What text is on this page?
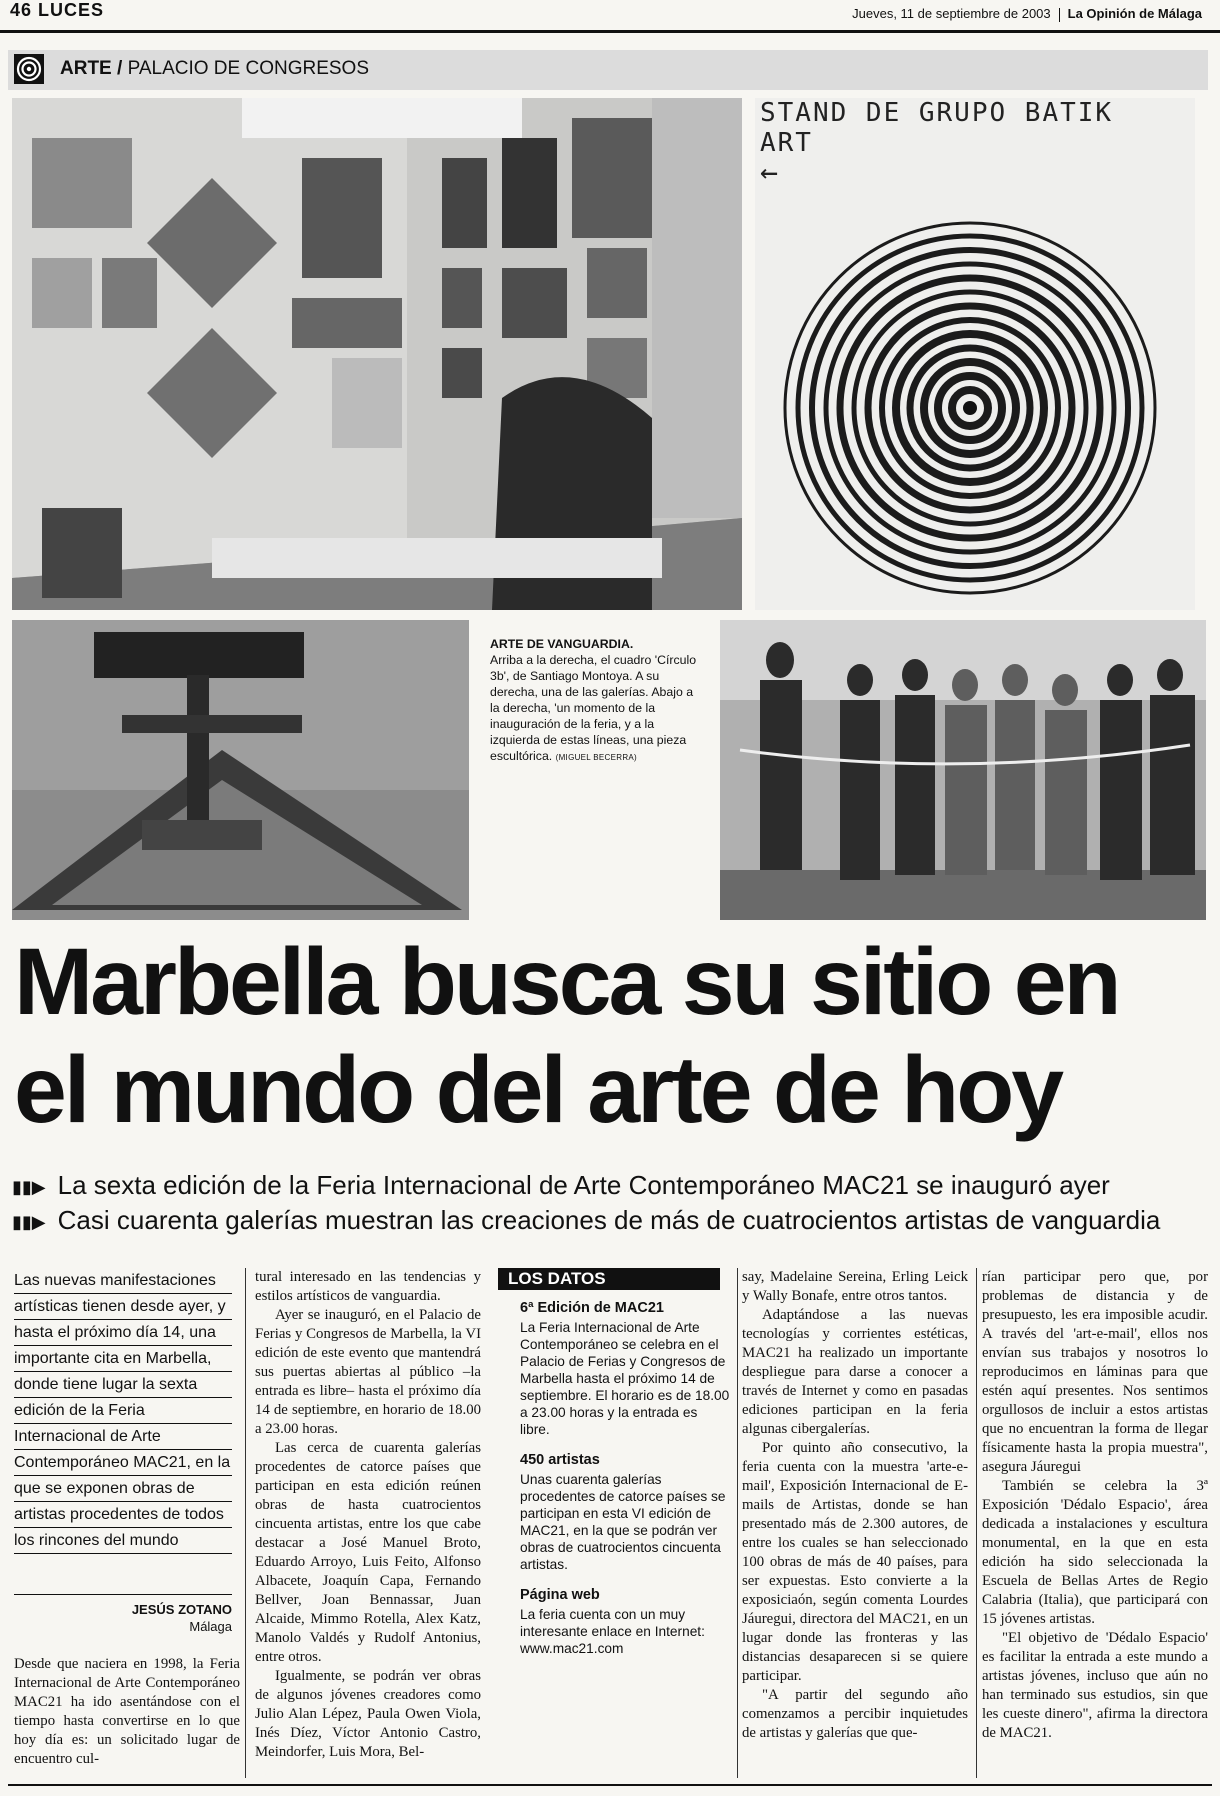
46 LUCES	Jueves, 11 de septiembre de 2003 La Opinión de Málaga
ARTE / PALACIO DE CONGRESOS
STAND DE GRUPO BATIK
ART
←
ARTE DE VANGUARDIA.
Arriba a la derecha, el cuadro 'Círculo 3b', de Santiago Montoya. A su derecha, una de las galerías. Abajo a la derecha, 'un momento de la inauguración de la feria, y a la izquierda de estas líneas, una pieza escultórica. (MIGUEL BECERRA)
Marbella busca su sitio en
el mundo del arte de hoy
▮▮▶ La sexta edición de la Feria Internacional de Arte Contemporáneo MAC21 se inauguró ayer
▮▮▶ Casi cuarenta galerías muestran las creaciones de más de cuatrocientos artistas de vanguardia
Las nuevas manifestaciones artísticas tienen desde ayer, y hasta el próximo día 14, una importante cita en Marbella, donde tiene lugar la sexta edición de la Feria Internacional de Arte Contemporáneo MAC21, en la que se exponen obras de artistas procedentes de todos los rincones del mundo
JESÚS ZOTANO
Málaga

Desde que naciera en 1998, la Feria Internacional de Arte Contemporáneo MAC21 ha ido asentándose con el tiempo hasta convertirse en lo que hoy día es: un solicitado lugar de encuentro cul-

tural interesado en las tendencias y estilos artísticos de vanguardia.

Ayer se inauguró, en el Palacio de Ferias y Congresos de Marbella, la VI edición de este evento que mantendrá sus puertas abiertas al público –la entrada es libre– hasta el próximo día 14 de septiembre, en horario de 18.00 a 23.00 horas.

Las cerca de cuarenta galerías procedentes de catorce países que participan en esta edición reúnen obras de hasta cuatrocientos cincuenta artistas, entre los que cabe destacar a José Manuel Broto, Eduardo Arroyo, Luis Feito, Alfonso Albacete, Joaquín Capa, Fernando Bellver, Joan Bennassar, Juan Alcaide, Mimmo Rotella, Alex Katz, Manolo Valdés y Rudolf Antonius, entre otros.

Igualmente, se podrán ver obras de algunos jóvenes creadores como Julio Alan Lépez, Paula Owen Viola, Inés Díez, Víctor Antonio Castro, Meindorfer, Luis Mora, Bel-

LOS DATOS
6ª Edición de MAC21

La Feria Internacional de Arte Contemporáneo se celebra en el Palacio de Ferias y Congresos de Marbella hasta el próximo 14 de septiembre. El horario es de 18.00 a 23.00 horas y la entrada es libre.

450 artistas

Unas cuarenta galerías procedentes de catorce países se participan en esta VI edición de MAC21, en la que se podrán ver obras de cuatrocientos cincuenta artistas.

Página web

La feria cuenta con un muy interesante enlace en Internet: www.mac21.com

say, Madelaine Sereina, Erling Leick y Wally Bonafe, entre otros tantos.

Adaptándose a las nuevas tecnologías y corrientes estéticas, MAC21 ha realizado un importante despliegue para darse a conocer a través de Internet y como en pasadas ediciones participan en la feria algunas cibergalerías.

Por quinto año consecutivo, la feria cuenta con la muestra 'arte-e-mail', Exposición Internacional de E-mails de Artistas, donde se han presentado más de 2.300 autores, de entre los cuales se han seleccionado 100 obras de más de 40 países, para ser expuestas. Esto convierte a la exposiciaón, según comenta Lourdes Jáuregui, directora del MAC21, en un lugar donde las fronteras y las distancias desaparecen si se quiere participar.

"A partir del segundo año comenzamos a percibir inquietudes de artistas y galerías que que-

rían participar pero que, por problemas de distancia y de presupuesto, les era imposible acudir. A través del 'art-e-mail', ellos nos envían sus trabajos y nosotros lo reproducimos en láminas para que estén aquí presentes. Nos sentimos orgullosos de incluir a estos artistas que no encuentran la forma de llegar físicamente hasta la propia muestra", asegura Jáuregui

También se celebra la 3ª Exposición 'Dédalo Espacio', área dedicada a instalaciones y escultura monumental, en la que en esta edición ha sido seleccionada la Escuela de Bellas Artes de Regio Calabria (Italia), que participará con 15 jóvenes artistas.

"El objetivo de 'Dédalo Espacio' es facilitar la entrada a este mundo a artistas jóvenes, incluso que aún no han terminado sus estudios, sin que les cueste dinero", afirma la directora de MAC21.
